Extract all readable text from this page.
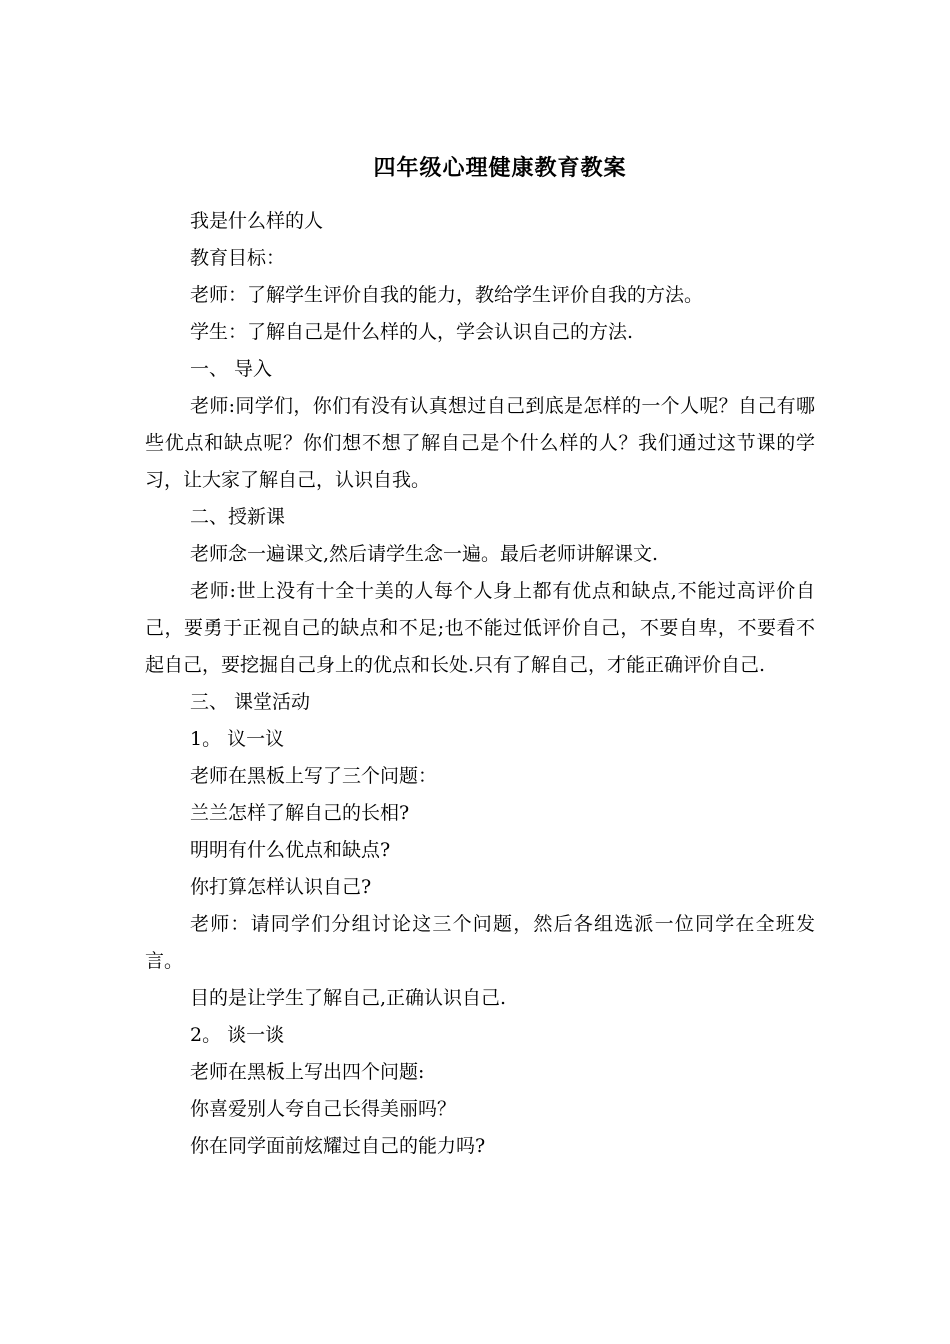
四年级心理健康教育教案

我是什么样的人

教育目标：

老师：了解学生评价自我的能力，教给学生评价自我的方法。

学生：了解自己是什么样的人，学会认识自己的方法.

一、 导入

老师:同学们，你们有没有认真想过自己到底是怎样的一个人呢？自己有哪些优点和缺点呢？你们想不想了解自己是个什么样的人？我们通过这节课的学习，让大家了解自己，认识自我。

二、授新课

老师念一遍课文,然后请学生念一遍。最后老师讲解课文.

老师:世上没有十全十美的人每个人身上都有优点和缺点,不能过高评价自己，要勇于正视自己的缺点和不足;也不能过低评价自己，不要自卑，不要看不起自己，要挖掘自己身上的优点和长处.只有了解自己，才能正确评价自己.

三、 课堂活动

1。 议一议

老师在黑板上写了三个问题：

兰兰怎样了解自己的长相?

明明有什么优点和缺点?

你打算怎样认识自己?

老师：请同学们分组讨论这三个问题，然后各组选派一位同学在全班发言。

目的是让学生了解自己,正确认识自己.

2。 谈一谈

老师在黑板上写出四个问题:

你喜爱别人夸自己长得美丽吗？

你在同学面前炫耀过自己的能力吗?
